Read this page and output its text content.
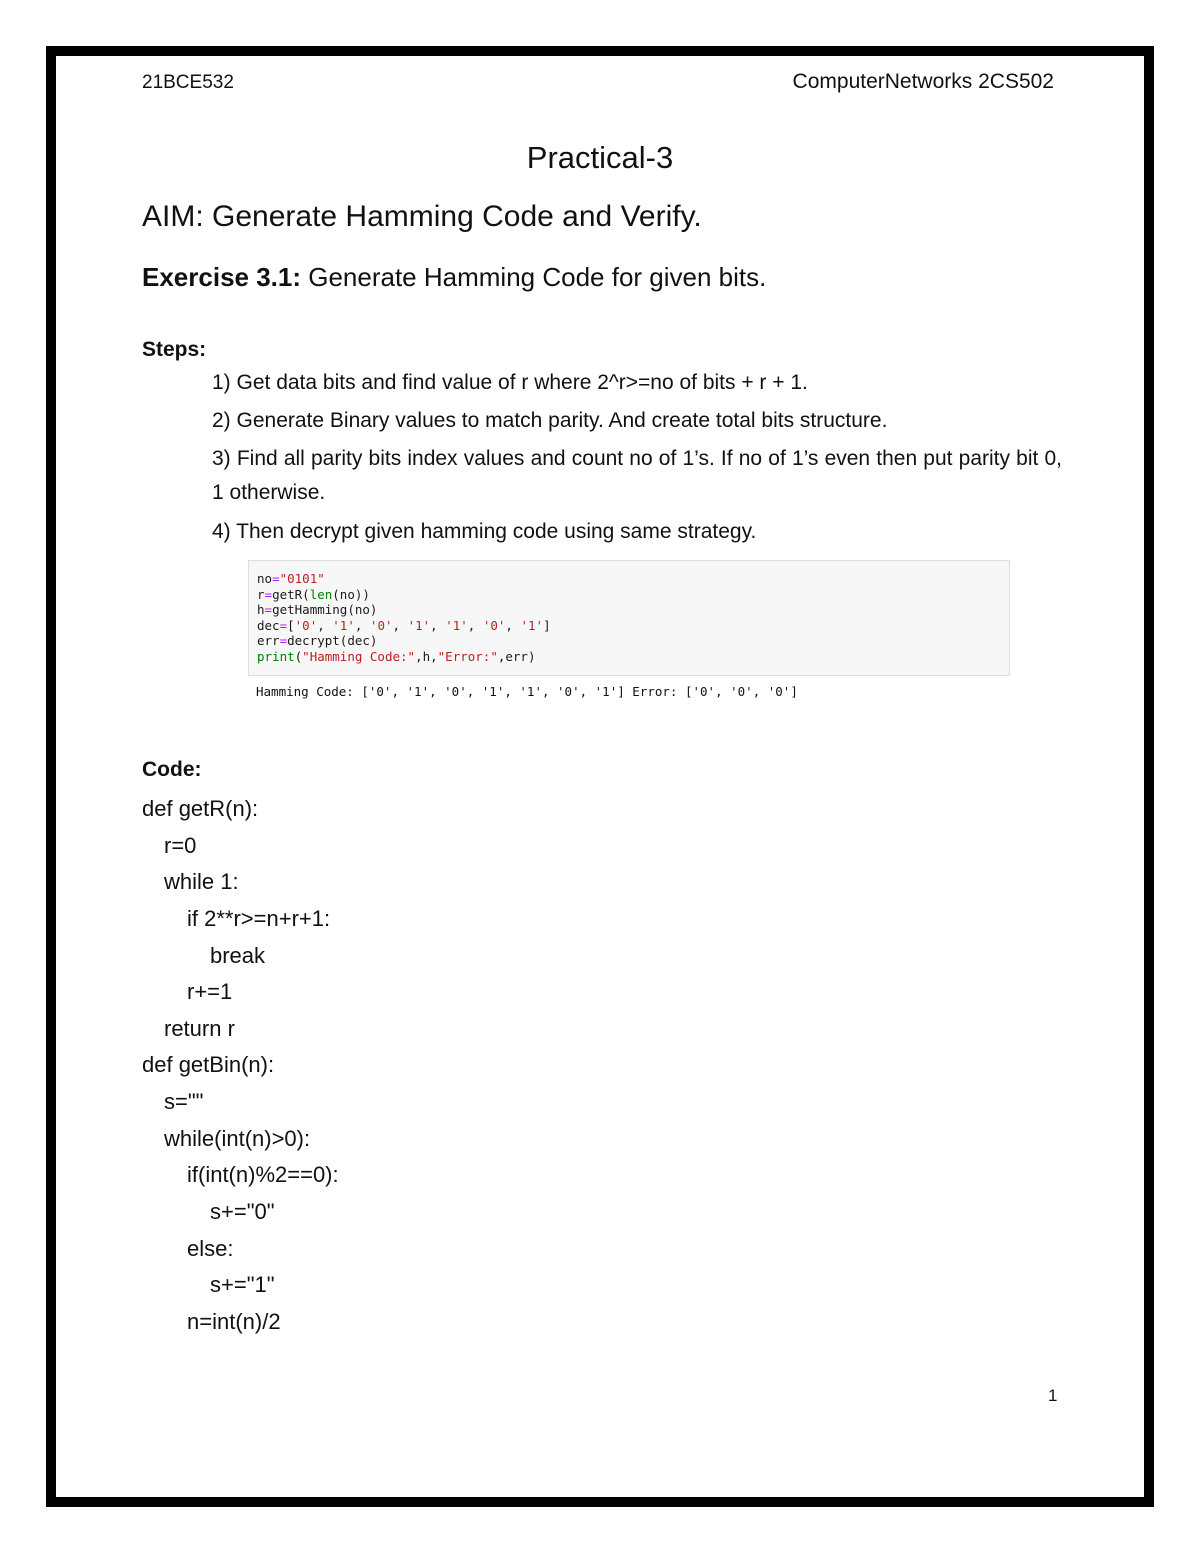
21BCE532	ComputerNetworks 2CS502
Practical-3
AIM: Generate Hamming Code and Verify.
Exercise 3.1: Generate Hamming Code for given bits.
Steps:
1) Get data bits and find value of r where 2^r>=no of bits + r + 1.
2) Generate Binary values to match parity. And create total bits structure.
3) Find all parity bits index values and count no of 1’s. If no of 1’s even then put parity bit 0, 1 otherwise.
4) Then decrypt given hamming code using same strategy.
no="0101"
r=getR(len(no))
h=getHamming(no)
dec=['0', '1', '0', '1', '1', '0', '1']
err=decrypt(dec)
print("Hamming Code:",h,"Error:",err)
Hamming Code: ['0', '1', '0', '1', '1', '0', '1'] Error: ['0', '0', '0']
Code:
def getR(n):
r=0
while 1:
if 2**r>=n+r+1:
break
r+=1
return r
def getBin(n):
s=""
while(int(n)>0):
if(int(n)%2==0):
s+="0"
else:
s+="1"
n=int(n)/2
1
